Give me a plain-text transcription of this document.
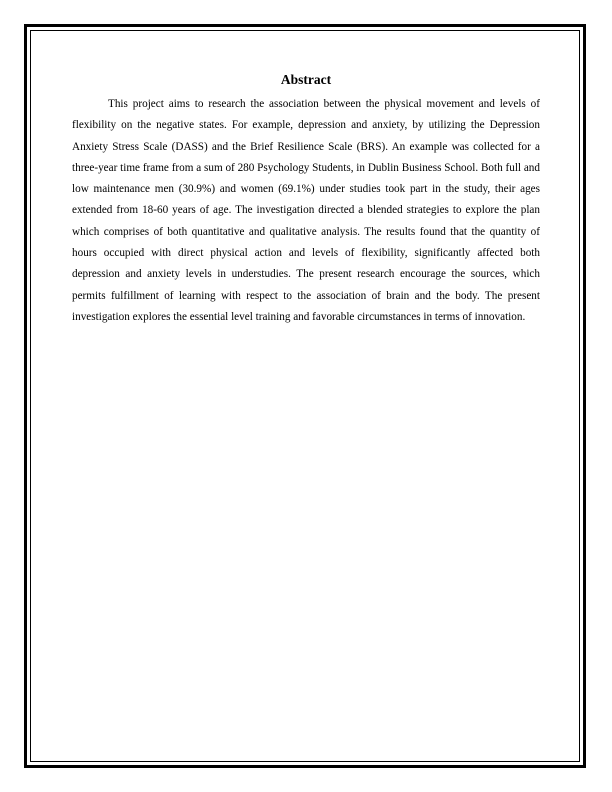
Abstract

This project aims to research the association between the physical movement and levels of flexibility on the negative states. For example, depression and anxiety, by utilizing the Depression Anxiety Stress Scale (DASS) and the Brief Resilience Scale (BRS). An example was collected for a three-year time frame from a sum of 280 Psychology Students, in Dublin Business School. Both full and low maintenance men (30.9%) and women (69.1%) under studies took part in the study, their ages extended from 18-60 years of age. The investigation directed a blended strategies to explore the plan which comprises of both quantitative and qualitative analysis. The results found that the quantity of hours occupied with direct physical action and levels of flexibility, significantly affected both depression and anxiety levels in understudies. The present research encourage the sources, which permits fulfillment of learning with respect to the association of brain and the body. The present investigation explores the essential level training and favorable circumstances in terms of innovation.
